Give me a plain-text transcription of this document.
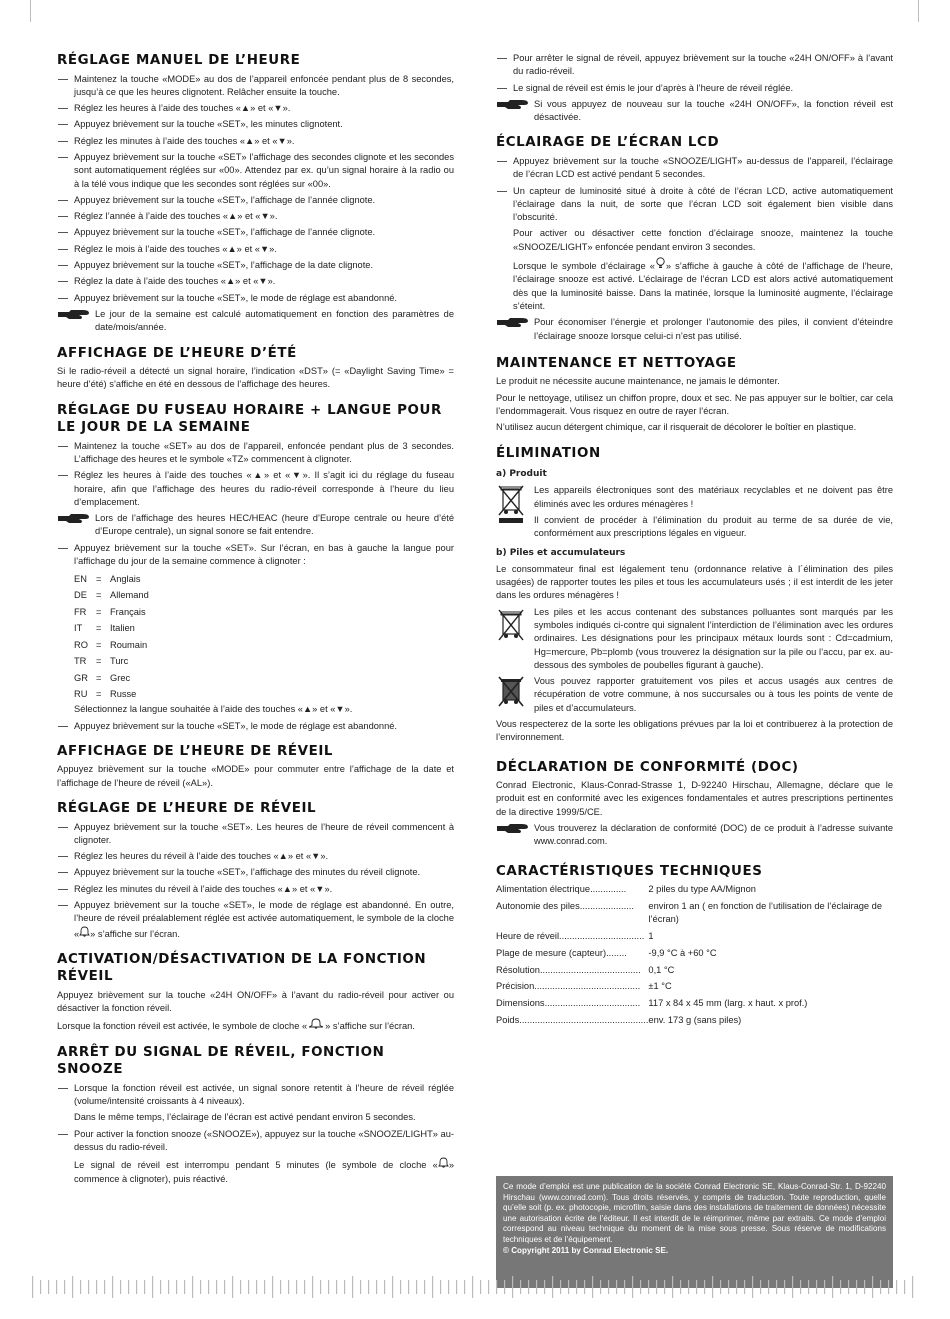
RÉGLAGE MANUEL DE L’HEURE
Maintenez la touche «MODE» au dos de l’appareil enfoncée pendant plus de 8 secondes, jusqu’à ce que les heures clignotent. Relâcher ensuite la touche.
Réglez les heures à l’aide des touches «▲» et «▼».
Appuyez brièvement sur la touche «SET», les minutes clignotent.
Réglez les minutes à l’aide des touches «▲» et «▼».
Appuyez brièvement sur la touche «SET» l’affichage des secondes clignote et les secondes sont automatiquement réglées sur «00». Attendez par ex. qu’un signal horaire à la radio ou à la télé vous indique que les secondes sont réglées sur «00».
Appuyez brièvement sur la touche «SET», l’affichage de l’année clignote.
Réglez l’année à l’aide des touches «▲» et «▼».
Appuyez brièvement sur la touche «SET», l’affichage de l’année clignote.
Réglez le mois à l’aide des touches «▲» et «▼».
Appuyez brièvement sur la touche «SET», l’affichage de la date clignote.
Réglez la date à l’aide des touches «▲» et «▼».
Appuyez brièvement sur la touche «SET», le mode de réglage est abandonné.
Le jour de la semaine est calculé automatiquement en fonction des paramètres de date/mois/année.
AFFICHAGE DE L’HEURE D’ÉTÉ

Si le radio-réveil a détecté un signal horaire, l’indication «DST» (= «Daylight Saving Time» = heure d’été) s’affiche en été en dessous de l’affichage des heures.

RÉGLAGE DU FUSEAU HORAIRE + LANGUE POUR LE JOUR DE LA SEMAINE
Maintenez la touche «SET» au dos de l’appareil, enfoncée pendant plus de 3 secondes. L’affichage des heures et le symbole «TZ» commencent à clignoter.
Réglez les heures à l’aide des touches «▲» et «▼». Il s’agit ici du réglage du fuseau horaire, afin que l’affichage des heures du radio-réveil corresponde à l’heure du lieu d’emplacement.
Lors de l’affichage des heures HEC/HEAC (heure d’Europe centrale ou heure d’été d’Europe centrale), un signal sonore se fait entendre.
Appuyez brièvement sur la touche «SET». Sur l’écran, en bas à gauche la langue pour l’affichage du jour de la semaine commence à clignoter :
EN = Anglais
DE = Allemand
FR	= Français
IT	= Italien
RO = Roumain
TR	= Turc
GR = Grec
RU = Russe

Sélectionnez la langue souhaitée à l’aide des touches «▲» et «▼».

Appuyez brièvement sur la touche «SET», le mode de réglage est abandonné.
AFFICHAGE DE L’HEURE DE RÉVEIL

Appuyez brièvement sur la touche «MODE» pour commuter entre l’affichage de la date et l’affichage de l’heure de réveil («AL»).

RÉGLAGE DE L’HEURE DE RÉVEIL
Appuyez brièvement sur la touche «SET». Les heures de l’heure de réveil commencent à clignoter.
Réglez les heures du réveil à l’aide des touches «▲» et «▼».
Appuyez brièvement sur la touche «SET», l’affichage des minutes du réveil clignote.
Réglez les minutes du réveil à l’aide des touches «▲» et «▼».
Appuyez brièvement sur la touche «SET», le mode de réglage est abandonné. En outre, l’heure de réveil préalablement réglée est activée automatiquement, le symbole de la cloche « » s’affiche sur l’écran.
ACTIVATION/DÉSACTIVATION DE LA FONCTION RÉVEIL

Appuyez brièvement sur la touche «24H ON/OFF» à l’avant du radio-réveil pour activer ou désactiver la fonction réveil.

Lorsque la fonction réveil est activée, le symbole de cloche « » s’affiche sur l’écran.

ARRÊT DU SIGNAL DE RÉVEIL, FONCTION SNOOZE
Lorsque la fonction réveil est activée, un signal sonore retentit à l’heure de réveil réglée (volume/intensité croissants à 4 niveaux).
Dans le même temps, l’éclairage de l’écran est activé pendant environ 5 secondes.
Pour activer la fonction snooze («SNOOZE»), appuyez sur la touche «SNOOZE/LIGHT» au-dessus du radio-réveil.
Le signal de réveil est interrompu pendant 5 minutes (le symbole de cloche « » commence à clignoter), puis réactivé.
Pour arrêter le signal de réveil, appuyez brièvement sur la touche «24H ON/OFF» à l’avant du radio-réveil.
Le signal de réveil est émis le jour d’après à l’heure de réveil réglée.
Si vous appuyez de nouveau sur la touche «24H ON/OFF», la fonction réveil est désactivée.
ÉCLAIRAGE DE L’ÉCRAN LCD
Appuyez brièvement sur la touche «SNOOZE/LIGHT» au-dessus de l’appareil, l’éclairage de l’écran LCD est activé pendant 5 secondes.
Un capteur de luminosité situé à droite à côté de l’écran LCD, active automatiquement l’éclairage dans la nuit, de sorte que l’écran LCD soit également bien visible dans l’obscurité.
Pour activer ou désactiver cette fonction d’éclairage snooze, maintenez la touche «SNOOZE/LIGHT» enfoncée pendant environ 3 secondes.
Lorsque le symbole d’éclairage « » s’affiche à gauche à côté de l’affichage de l’heure, l’éclairage snooze est activé. L’éclairage de l’écran LCD est alors activé automatiquement dès que la luminosité baisse. Dans la matinée, lorsque la luminosité augmente, l’éclairage s’éteint.
Pour économiser l’énergie et prolonger l’autonomie des piles, il convient d’éteindre l’éclairage snooze lorsque celui-ci n’est pas utilisé.
MAINTENANCE ET NETTOYAGE

Le produit ne nécessite aucune maintenance, ne jamais le démonter.

Pour le nettoyage, utilisez un chiffon propre, doux et sec. Ne pas appuyer sur le boîtier, car cela l’endommagerait. Vous risquez en outre de rayer l’écran.

N’utilisez aucun détergent chimique, car il risquerait de décolorer le boîtier en plastique.

ÉLIMINATION
a) Produit

Les appareils électroniques sont des matériaux recyclables et ne doivent pas être éliminés avec les ordures ménagères !

Il convient de procéder à l’élimination du produit au terme de sa durée de vie, conformément aux prescriptions légales en vigueur.

b) Piles et accumulateurs

Le consommateur final est légalement tenu (ordonnance relative à l´élimination des piles usagées) de rapporter toutes les piles et tous les accumulateurs usés ; il est interdit de les jeter dans les ordures ménagères !

Les piles et les accus contenant des substances polluantes sont marqués par les symboles indiqués ci-contre qui signalent l’interdiction de l’élimination avec les ordures ordinaires. Les désignations pour les principaux métaux lourds sont : Cd=cadmium, Hg=mercure, Pb=plomb (vous trouverez la désignation sur la pile ou l’accu, par ex. au-dessous des symboles de poubelles figurant à gauche).

Vous pouvez rapporter gratuitement vos piles et accus usagés aux centres de récupération de votre commune, à nos succursales ou à tous les points de vente de piles et d’accumulateurs.

Vous respecterez de la sorte les obligations prévues par la loi et contribuerez à la protection de l’environnement.

DÉCLARATION DE CONFORMITÉ (DOC)

Conrad Electronic, Klaus-Conrad-Strasse 1, D-92240 Hirschau, Allemagne, déclare que le produit est en conformité avec les exigences fondamentales et autres prescriptions pertinentes de la directive 1999/5/CE.

Vous trouverez la déclaration de conformité (DOC) de ce produit à l’adresse suivante www.conrad.com.
CARACTÉRISTIQUES TECHNIQUES
Alimentation électrique..............	2 piles du type AA/Mignon
Autonomie des piles.....................	environ 1 an ( en fonction de l’utilisation de l’éclairage de l’écran)
Heure de réveil.................................	1
Plage de mesure (capteur)........	-9,9 °C à +60 °C
Résolution.......................................	0,1 °C
Précision.........................................	±1 °C
Dimensions.....................................	117 x 84 x 45 mm (larg. x haut. x prof.)
Poids..................................................	env. 173 g (sans piles)
Ce mode d’emploi est une publication de la société Conrad Electronic SE, Klaus-Conrad-Str. 1, D-92240 Hirschau (www.conrad.com). Tous droits réservés, y compris de traduction. Toute reproduction, quelle qu’elle soit (p. ex. photocopie, microfilm, saisie dans des installations de traitement de données) nécessite une autorisation écrite de l’éditeur. Il est interdit de le réimprimer, même par extraits. Ce mode d’emploi correspond au niveau technique du moment de la mise sous presse. Sous réserve de modifications techniques et de l’équipement.
© Copyright 2011 by Conrad Electronic SE.
